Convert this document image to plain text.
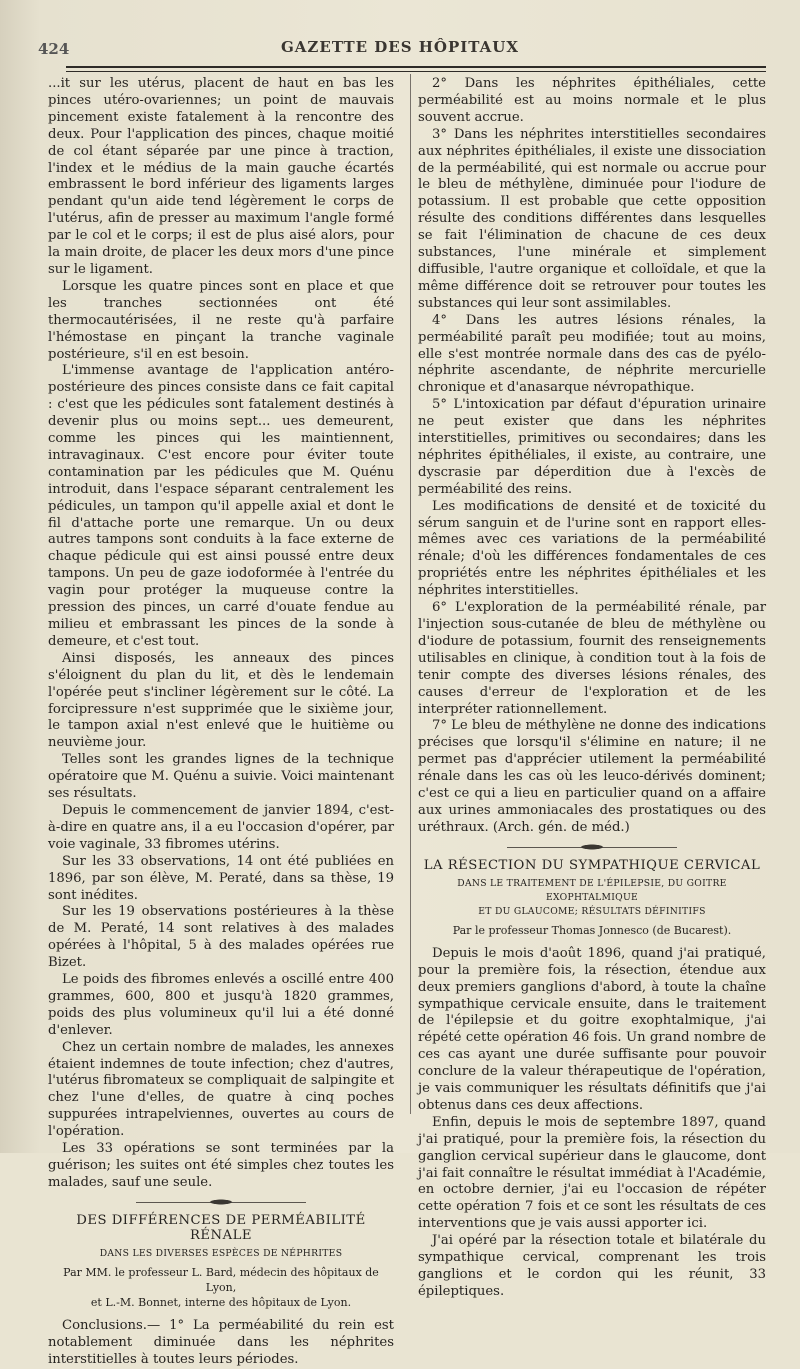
424	GAZETTE DES HÔPITAUX

...it sur les utérus, placent de haut en bas les pinces utéro-ovariennes; un point de mauvais pincement existe fatalement à la rencontre des deux. Pour l'application des pinces, chaque moitié de col étant séparée par une pince à traction, l'index et le médius de la main gauche écartés embrassent le bord inférieur des ligaments larges pendant qu'un aide tend légèrement le corps de l'utérus, afin de presser au maximum l'angle formé par le col et le corps; il est de plus aisé alors, pour la main droite, de placer les deux mors d'une pince sur le ligament.

Lorsque les quatre pinces sont en place et que les tranches sectionnées ont été thermocautérisées, il ne reste qu'à parfaire l'hémostase en pinçant la tranche vaginale postérieure, s'il en est besoin.

L'immense avantage de l'application antéro-postérieure des pinces consiste dans ce fait capital : c'est que les pédicules sont fatalement destinés à devenir plus ou moins sept... ues demeurent, comme les pinces qui les maintiennent, intravaginaux. C'est encore pour éviter toute contamination par les pédicules que M. Quénu introduit, dans l'espace séparant centralement les pédicules, un tampon qu'il appelle axial et dont le fil d'attache porte une remarque. Un ou deux autres tampons sont conduits à la face externe de chaque pédicule qui est ainsi poussé entre deux tampons. Un peu de gaze iodoformée à l'entrée du vagin pour protéger la muqueuse contre la pression des pinces, un carré d'ouate fendue au milieu et embrassant les pinces de la sonde à demeure, et c'est tout.

Ainsi disposés, les anneaux des pinces s'éloignent du plan du lit, et dès le lendemain l'opérée peut s'incliner légèrement sur le côté. La forcipressure n'est supprimée que le sixième jour, le tampon axial n'est enlevé que le huitième ou neuvième jour.

Telles sont les grandes lignes de la technique opératoire que M. Quénu a suivie. Voici maintenant ses résultats.

Depuis le commencement de janvier 1894, c'est-à-dire en quatre ans, il a eu l'occasion d'opérer, par voie vaginale, 33 fibromes utérins.

Sur les 33 observations, 14 ont été publiées en 1896, par son élève, M. Peraté, dans sa thèse, 19 sont inédites.

Sur les 19 observations postérieures à la thèse de M. Peraté, 14 sont relatives à des malades opérées à l'hôpital, 5 à des malades opérées rue Bizet.

Le poids des fibromes enlevés a oscillé entre 400 grammes, 600, 800 et jusqu'à 1820 grammes, poids des plus volumineux qu'il lui a été donné d'enlever.

Chez un certain nombre de malades, les annexes étaient indemnes de toute infection; chez d'autres, l'utérus fibromateux se compliquait de salpingite et chez l'une d'elles, de quatre à cinq poches suppurées intrapelviennes, ouvertes au cours de l'opération.

Les 33 opérations se sont terminées par la guérison; les suites ont été simples chez toutes les malades, sauf une seule.

DES DIFFÉRENCES DE PERMÉABILITÉ RÉNALE
DANS LES DIVERSES ESPÈCES DE NÉPHRITES
Par MM. le professeur L. Bard, médecin des hôpitaux de Lyon,
et L.-M. Bonnet, interne des hôpitaux de Lyon.

Conclusions.— 1° La perméabilité du rein est notablement diminuée dans les néphrites interstitielles à toutes leurs périodes.

2° Dans les néphrites épithéliales, cette perméabilité est au moins normale et le plus souvent accrue.

3° Dans les néphrites interstitielles secondaires aux néphrites épithéliales, il existe une dissociation de la perméabilité, qui est normale ou accrue pour le bleu de méthylène, diminuée pour l'iodure de potassium. Il est probable que cette opposition résulte des conditions différentes dans lesquelles se fait l'élimination de chacune de ces deux substances, l'une minérale et simplement diffusible, l'autre organique et colloïdale, et que la même différence doit se retrouver pour toutes les substances qui leur sont assimilables.

4° Dans les autres lésions rénales, la perméabilité paraît peu modifiée; tout au moins, elle s'est montrée normale dans des cas de pyélo-néphrite ascendante, de néphrite mercurielle chronique et d'anasarque névropathique.

5° L'intoxication par défaut d'épuration urinaire ne peut exister que dans les néphrites interstitielles, primitives ou secondaires; dans les néphrites épithéliales, il existe, au contraire, une dyscrasie par déperdition due à l'excès de perméabilité des reins.

Les modifications de densité et de toxicité du sérum sanguin et de l'urine sont en rapport elles-mêmes avec ces variations de la perméabilité rénale; d'où les différences fondamentales de ces propriétés entre les néphrites épithéliales et les néphrites interstitielles.

6° L'exploration de la perméabilité rénale, par l'injection sous-cutanée de bleu de méthylène ou d'iodure de potassium, fournit des renseignements utilisables en clinique, à condition tout à la fois de tenir compte des diverses lésions rénales, des causes d'erreur de l'exploration et de les interpréter rationnellement.

7° Le bleu de méthylène ne donne des indications précises que lorsqu'il s'élimine en nature; il ne permet pas d'apprécier utilement la perméabilité rénale dans les cas où les leuco-dérivés dominent; c'est ce qui a lieu en particulier quand on a affaire aux urines ammoniacales des prostatiques ou des uréthraux. (Arch. gén. de méd.)

LA RÉSECTION DU SYMPATHIQUE CERVICAL
DANS LE TRAITEMENT DE L'ÉPILEPSIE, DU GOITRE EXOPHTALMIQUE
ET DU GLAUCOME; RÉSULTATS DÉFINITIFS
Par le professeur Thomas Jonnesco (de Bucarest).

Depuis le mois d'août 1896, quand j'ai pratiqué, pour la première fois, la résection, étendue aux deux premiers ganglions d'abord, à toute la chaîne sympathique cervicale ensuite, dans le traitement de l'épilepsie et du goitre exophtalmique, j'ai répété cette opération 46 fois. Un grand nombre de ces cas ayant une durée suffisante pour pouvoir conclure de la valeur thérapeutique de l'opération, je vais communiquer les résultats définitifs que j'ai obtenus dans ces deux affections.

Enfin, depuis le mois de septembre 1897, quand j'ai pratiqué, pour la première fois, la résection du ganglion cervical supérieur dans le glaucome, dont j'ai fait connaître le résultat immédiat à l'Académie, en octobre dernier, j'ai eu l'occasion de répéter cette opération 7 fois et ce sont les résultats de ces interventions que je vais aussi apporter ici.

J'ai opéré par la résection totale et bilatérale du sympathique cervical, comprenant les trois ganglions et le cordon qui les réunit, 33 épileptiques.
